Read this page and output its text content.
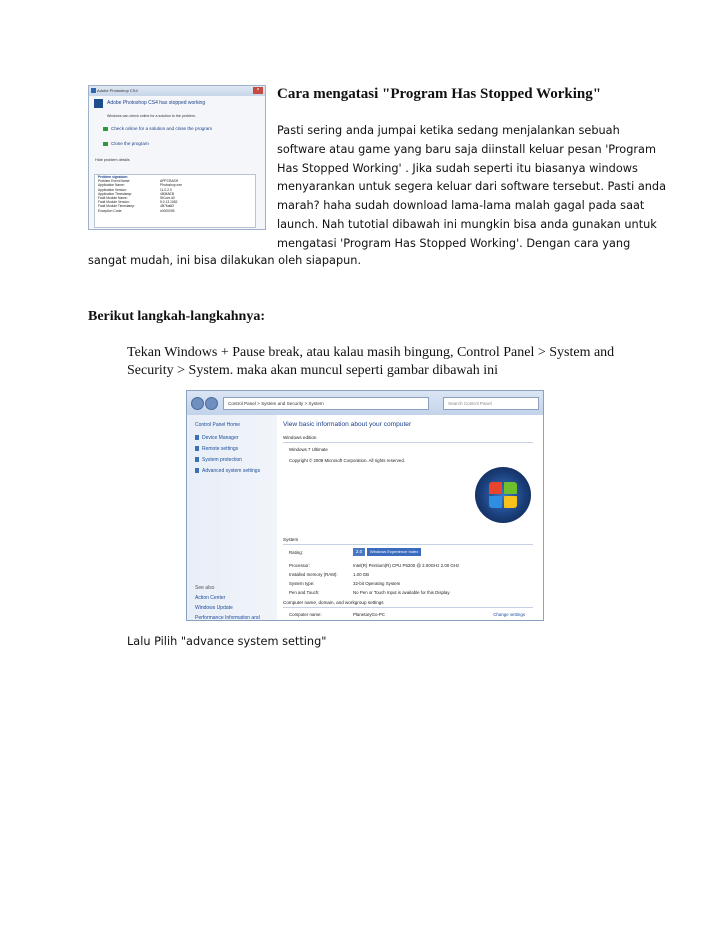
Cara mengatasi "Program Has Stopped Working"
Pasti sering anda jumpai ketika sedang menjalankan sebuah
software atau game yang baru saja diinstall keluar pesan 'Program
Has Stopped Working' . Jika sudah seperti itu biasanya windows
menyarankan untuk segera keluar dari software tersebut. Pasti anda
marah? haha sudah download lama-lama malah gagal pada saat
launch. Nah tutotial dibawah ini mungkin bisa anda gunakan untuk
mengatasi 'Program Has Stopped Working'. Dengan cara yang
sangat mudah, ini bisa dilakukan oleh siapapun.
Adobe Photoshop CS4	×
Adobe Photoshop CS4 has stopped working
Windows can check online for a solution to the problem.
Check online for a solution and close the program
Close the program
Hide problem details
Problem signature:
Problem Event Name:	APPCRASH
Application Name:	Photoshop.exe
Application Version:	11.0.2.0
Application Timestamp:	4808AEB
Fault Module Name:	StCore.dll
Fault Module Version:	5.0.13.1082
Fault Module Timestamp:	4B76a6f2
Exception Code:	c0000005
Berikut langkah-langkahnya:
Tekan Windows + Pause break, atau kalau masih bingung, Control Panel > System and
Security > System. maka akan muncul seperti gambar dibawah ini
Control Panel > System and Security > System	Search Control Panel
Control Panel Home
Device Manager
Remote settings
System protection
Advanced system settings
See also
Action Center
Windows Update
Performance Information and
View basic information about your computer
Windows edition
Windows 7 Ultimate
Copyright © 2009 Microsoft Corporation. All rights reserved.
System
Rating:	2.0 Windows Experience Index
Processor:	Intel(R) Pentium(R) CPU P6200 @ 2.00GHz 2.00 GHz
Installed memory (RAM):	1.00 GB
System type:	32-bit Operating System
Pen and Touch:	No Pen or Touch Input is available for this Display
Computer name, domain, and workgroup settings
Computer name:	PlanetaryGo-PC	Change settings
Lalu Pilih "advance system setting"
